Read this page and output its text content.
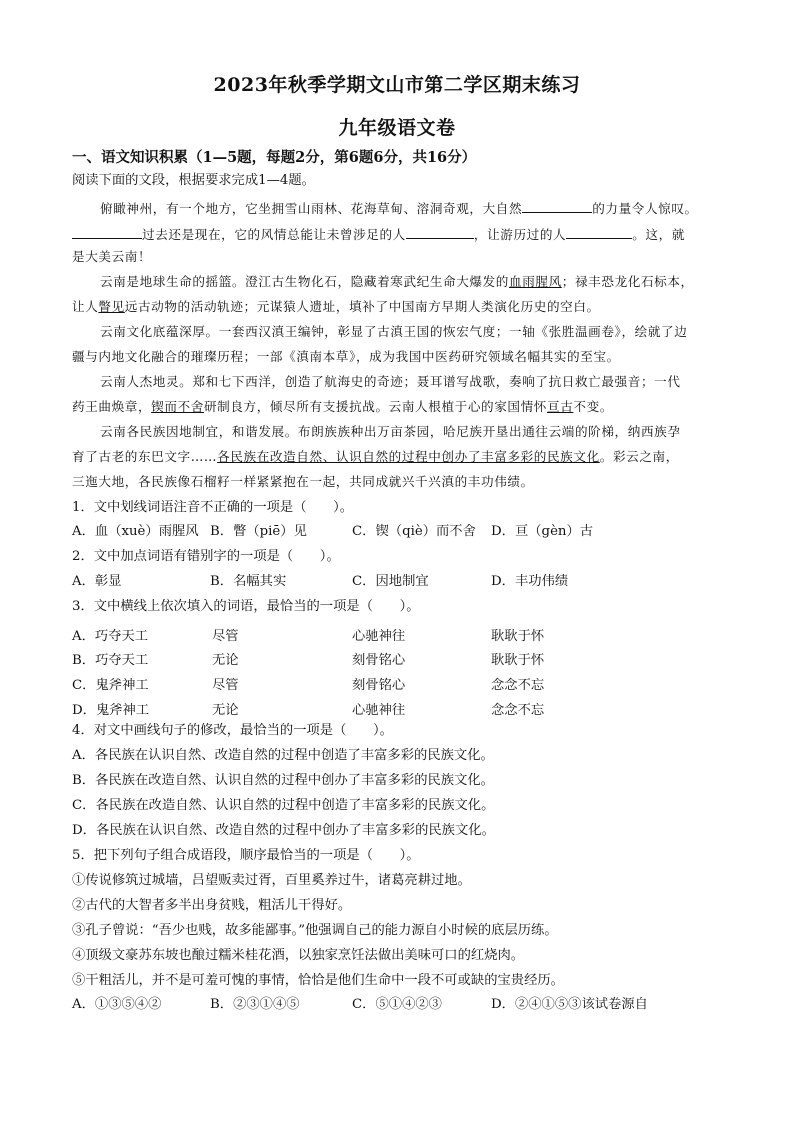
2023年秋季学期文山市第二学区期末练习
九年级语文卷
一、语文知识积累（1—5题，每题2分，第6题6分，共16分）
阅读下面的文段，根据要求完成1—4题。
俯瞰神州，有一个地方，它坐拥雪山雨林、花海草甸、溶洞奇观，大自然	的力量令人惊叹。
过去还是现在，它的风情总能让未曾涉足的人	，让游历过的人	。这，就
是大美云南！
云南是地球生命的摇篮。澄江古生物化石，隐藏着寒武纪生命大爆发的血雨腥风；禄丰恐龙化石标本，
让人瞥见远古动物的活动轨迹；元谋猿人遗址，填补了中国南方早期人类演化历史的空白。
云南文化底蕴深厚。一套西汉滇王编钟，彰显了古滇王国的恢宏气度；一轴《张胜温画卷》，绘就了边
疆与内地文化融合的璀璨历程；一部《滇南本草》，成为我国中医药研究领域名幅其实的至宝。
云南人杰地灵。郑和七下西洋，创造了航海史的奇迹；聂耳谱写战歌，奏响了抗日救亡最强音；一代
药王曲焕章，锲而不舍研制良方，倾尽所有支援抗战。云南人根植于心的家国情怀亘古不变。
云南各民族因地制宜，和谐发展。布朗族族种出万亩茶园，哈尼族开垦出通往云端的阶梯，纳西族孕
育了古老的东巴文字……各民族在改造自然、认识自然的过程中创办了丰富多彩的民族文化。彩云之南，
三迤大地，各民族像石榴籽一样紧紧抱在一起，共同成就兴千兴滇的丰功伟绩。
1．文中划线词语注音不正确的一项是（　　）。
A．血（xuè）雨腥风 B．瞥（piē）见	C．锲（qiè）而不舍 D．亘（gèn）古
2．文中加点词语有错别字的一项是（　　）。
A．彰显	B．名幅其实	C．因地制宜	D．丰功伟绩
3．文中横线上依次填入的词语，最恰当的一项是（　　）。
A．巧夺天工	尽管	心驰神往	耿耿于怀
B．巧夺天工	无论	刻骨铭心	耿耿于怀
C．鬼斧神工	尽管	刻骨铭心	念念不忘
D．鬼斧神工	无论	心驰神往	念念不忘
4．对文中画线句子的修改，最恰当的一项是（　　）。
A．各民族在认识自然、改造自然的过程中创造了丰富多彩的民族文化。
B．各民族在改造自然、认识自然的过程中创办了丰富多彩的民族文化。
C．各民族在改造自然、认识自然的过程中创造了丰富多彩的民族文化。
D．各民族在认识自然、改造自然的过程中创办了丰富多彩的民族文化。
5．把下列句子组合成语段，顺序最恰当的一项是（　　）。
①传说修筑过城墙，吕望贩卖过胥，百里奚养过牛，诸葛亮耕过地。
②古代的大智者多半出身贫贱，粗活儿干得好。
③孔子曾说：“吾少也贱，故多能鄙事。”他强调自己的能力源自小时候的底层历练。
④顶级文豪苏东坡也酿过糯米桂花酒，以独家烹饪法做出美味可口的红烧肉。
⑤干粗活儿，并不是可羞可愧的事情，恰恰是他们生命中一段不可或缺的宝贵经历。
A．①③⑤④②	B．②③①④⑤	C．⑤①④②③	D．②④①⑤③该试卷源自
